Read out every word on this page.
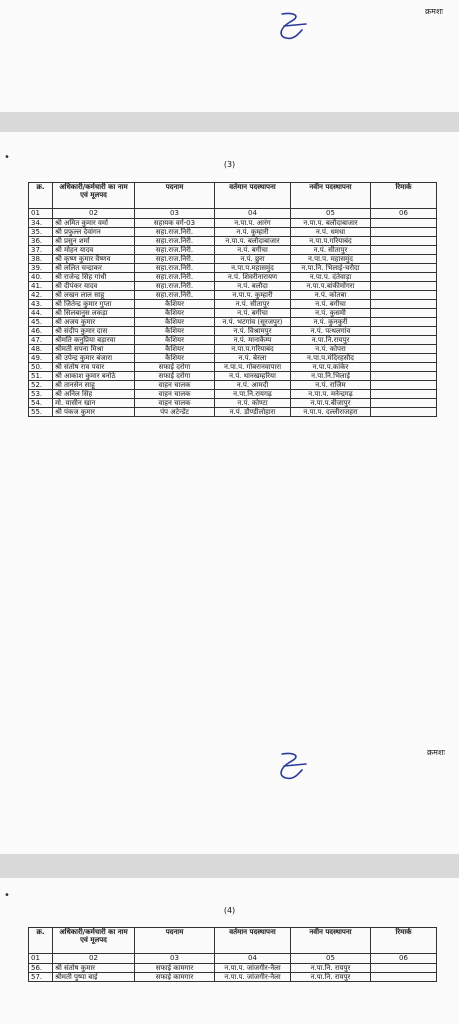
क्रमशः
•
(3)
क्र.	अधिकारी/कर्मचारी का नाम एवं मूलपद	पदनाम	वर्तमान पदस्थापना	नवीन पदस्थापना	रिमार्क
01	02	03	04	05	06
34.	श्री अमित कुमार वर्मा	सहायक वर्ग-03	न.पा.प. आरंग	न.पा.प. बलौदाबाजार	
35.	श्री प्रफुल्ल देवांगन	सहा.राज.निरी.	न.पं. कुम्हारी	न.पं. धमधा	
36.	श्री प्रसुन शर्मा	सहा.राज.निरी.	न.पा.प. बलौदाबाजार	न.पा.प.गरियाबंद	
37.	श्री मोहन यादव	सहा.राज.निरी.	न.पं. बगीचा	न.पं. सीतापुर	
38.	श्री कृष्ण कुमार वैष्णव	सहा.राज.निरी.	न.पं. छुरा	न.पा.प. महासमुंद	
39.	श्री ललित चन्द्राकर	सहा.राज.निरी.	न.पा.प.महासमुंद	न.पा.नि. भिलाई-चरौदा	
40.	श्री राजेन्द्र सिंह गांधी	सहा.राज.निरी.	न.पं. शिवरीनारायण	न.पा.प. दंतेवाड़ा	
41.	श्री दीपंकर यादव	सहा.राज.निरी.	न.पं. बलौदा	न.पा.प.बांकीमोंगरा	
42.	श्री लखन लाल साहू	सहा.राज.निरी.	न.पा.प. कुम्हारी	न.पं. कोतबा	
43.	श्री जितेन्द्र कुमार गुप्ता	कैशियर	न.पं. सीतापुर	न.पं. बगीचा	
44.	श्री सिलबानुस लकड़ा	कैशियर	न.पं. बगीचा	न.पं. कुसमी	
45.	श्री अजय कुमार	कैशियर	न.पं. भटगांव (सूरजपुर)	न.पं. कुनकुरी	
46.	श्री संदीप कुमार दास	कैशियर	न.पं. विश्रामपुर	न.पं. पत्थलगांव	
47.	श्रीमति कनुप्रिया बड़ारया	कैशियर	न.पं. मानाकैम्प	न.पा.नि.रायपुर	
48.	श्रीमती सपना मिश्रा	कैशियर	न.पा.प.गरियाबंद	न.पं. कोपरा	
49.	श्री उपेन्द्र कुमार बंजारा	कैशियर	न.पं. बेरला	न.पा.प.मंदिरहसौद	
50.	श्री संतोष राव पवार	सफाई दरोगा	न.पा.प. गोबरानवापारा	न.पा.प.कांकेर	
51.	श्री आकाश कुमार बनोठे	सफाई दरोगा	न.पं. थानखम्हरिया	न.पा.नि.भिलाई	
52.	श्री तानसेन साहू	वाहन चालक	न.पं. आमदी	न.पं. राजिम	
53.	श्री अनिल सिंह	वाहन चालक	न.पा.नि.रायगढ़	न.पा.प. मनेन्द्रगढ़	
54.	मो. यासीन खान	वाहन चालक	न.पं. कोण्टा	न.पा.प.बीजापुर	
55.	श्री पंकज कुमार	पंप अटेन्डेंट	न.पं. डौण्डीलोहारा	न.पा.प. दल्लीराजहरा	
क्रमशः
•
(4)
क्र.	अधिकारी/कर्मचारी का नाम एवं मूलपद	पदनाम	वर्तमान पदस्थापना	नवीन पदस्थापना	रिमार्क
01	02	03	04	05	06
56.	श्री संतोष कुमार	सफाई कामगार	न.पा.प. जांजगीर-नैला	न.पा.नि. रायपुर	
57.	श्रीमती पुष्पा बाई	सफाई कामगार	न.पा.प. जांजगीर-नैला	न.पा.नि. रायपुर	
